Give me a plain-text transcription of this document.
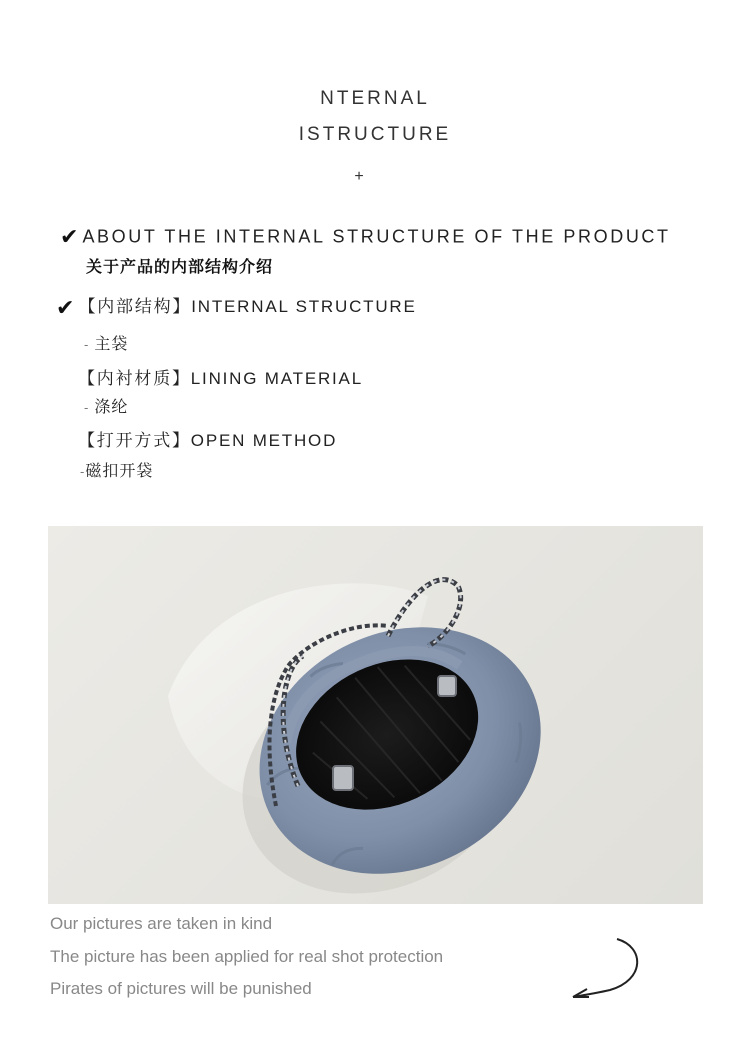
NTERNAL
ISTRUCTURE
+
✔ ABOUT THE INTERNAL STRUCTURE OF THE PRODUCT
关于产品的内部结构介绍
✔ 【内部结构】INTERNAL STRUCTURE
- 主袋
【内衬材质】LINING MATERIAL
- 涤纶
【打开方式】OPEN METHOD
-磁扣开袋
Our pictures are taken in kind
The picture has been applied for real shot protection
Pirates of pictures will be punished
